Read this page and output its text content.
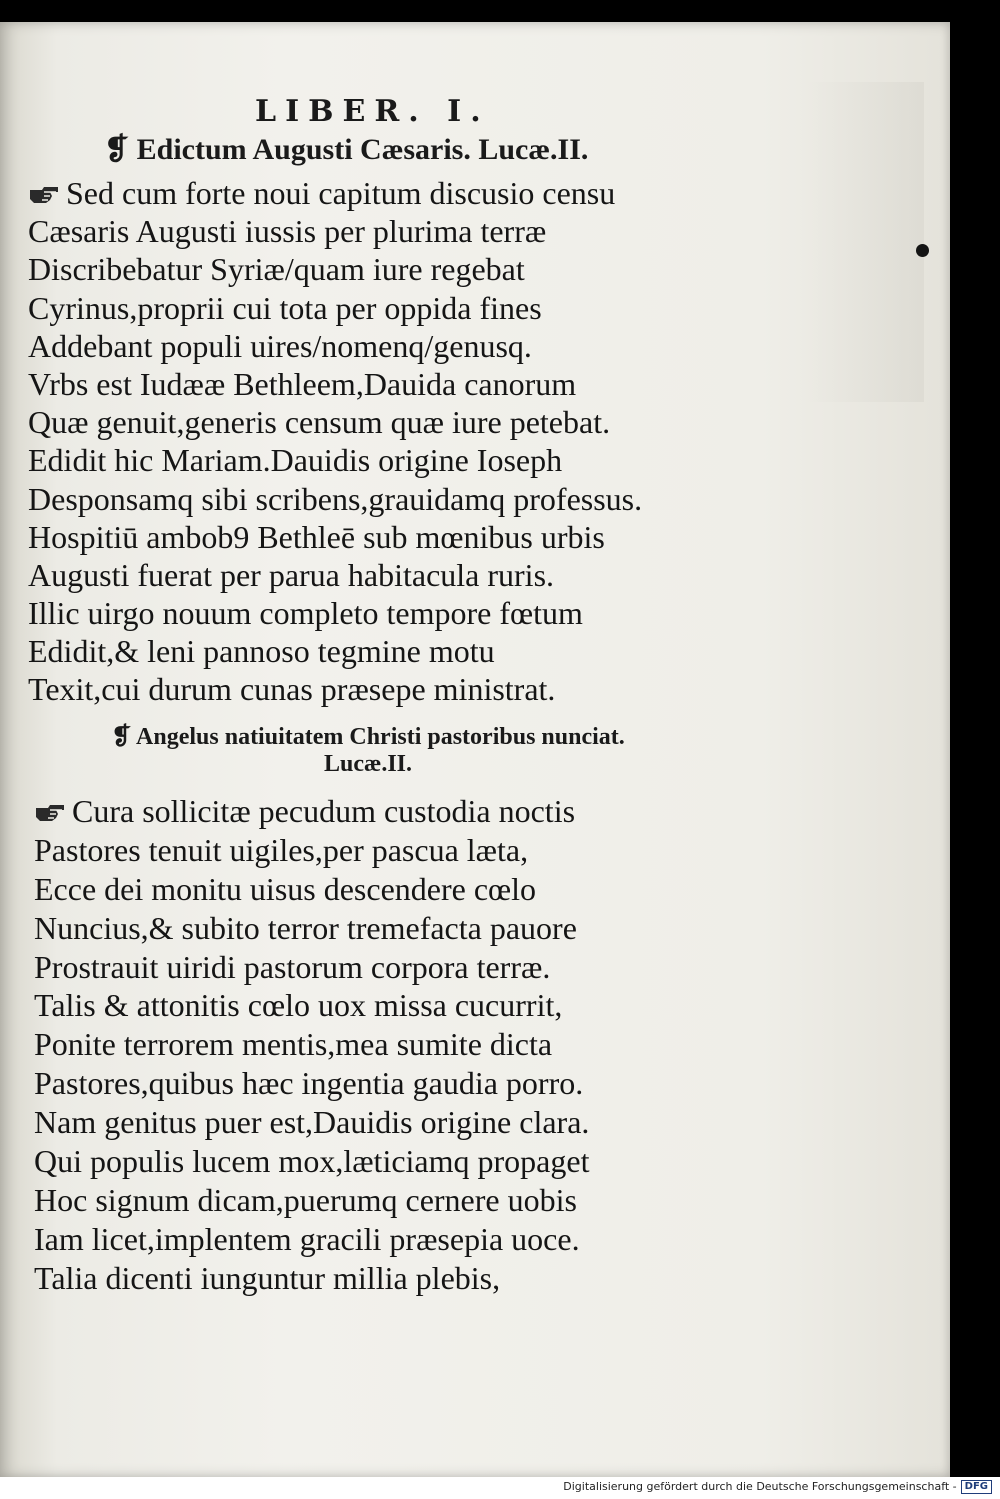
LIBER. I.
❡ Edictum Augusti Cæsaris. Lucæ.II.
Sed cum forte noui capitum discusio censu
Cæsaris Augusti iussis per plurima terræ
Discribebatur Syriæ/quam iure regebat
Cyrinus,proprii cui tota per oppida fines
Addebant populi uires/nomenq/genusq.
Vrbs est Iudææ Bethleem,Dauida canorum
Quæ genuit,generis censum quæ iure petebat.
Edidit hic Mariam.Dauidis origine Ioseph
Desponsamq sibi scribens,grauidamq professus.
Hospitiū ambob9 Bethleē sub mœnibus urbis
Augusti fuerat per parua habitacula ruris.
Illic uirgo nouum completo tempore fœtum
Edidit,& leni pannoso tegmine motu
Texit,cui durum cunas præsepe ministrat.
❡ Angelus natiuitatem Christi pastoribus nunciat. Lucæ.II.
Cura sollicitæ pecudum custodia noctis
Pastores tenuit uigiles,per pascua læta,
Ecce dei monitu uisus descendere cœlo
Nuncius,& subito terror tremefacta pauore
Prostrauit uiridi pastorum corpora terræ.
Talis & attonitis cœlo uox missa cucurrit,
Ponite terrorem mentis,mea sumite dicta
Pastores,quibus hæc ingentia gaudia porro.
Nam genitus puer est,Dauidis origine clara.
Qui populis lucem mox,læticiamq propaget
Hoc signum dicam,puerumq cernere uobis
Iam licet,implentem gracili præsepia uoce.
Talia dicenti iunguntur millia plebis,

Digitalisierung gefördert durch die Deutsche Forschungsgemeinschaft - DFG
